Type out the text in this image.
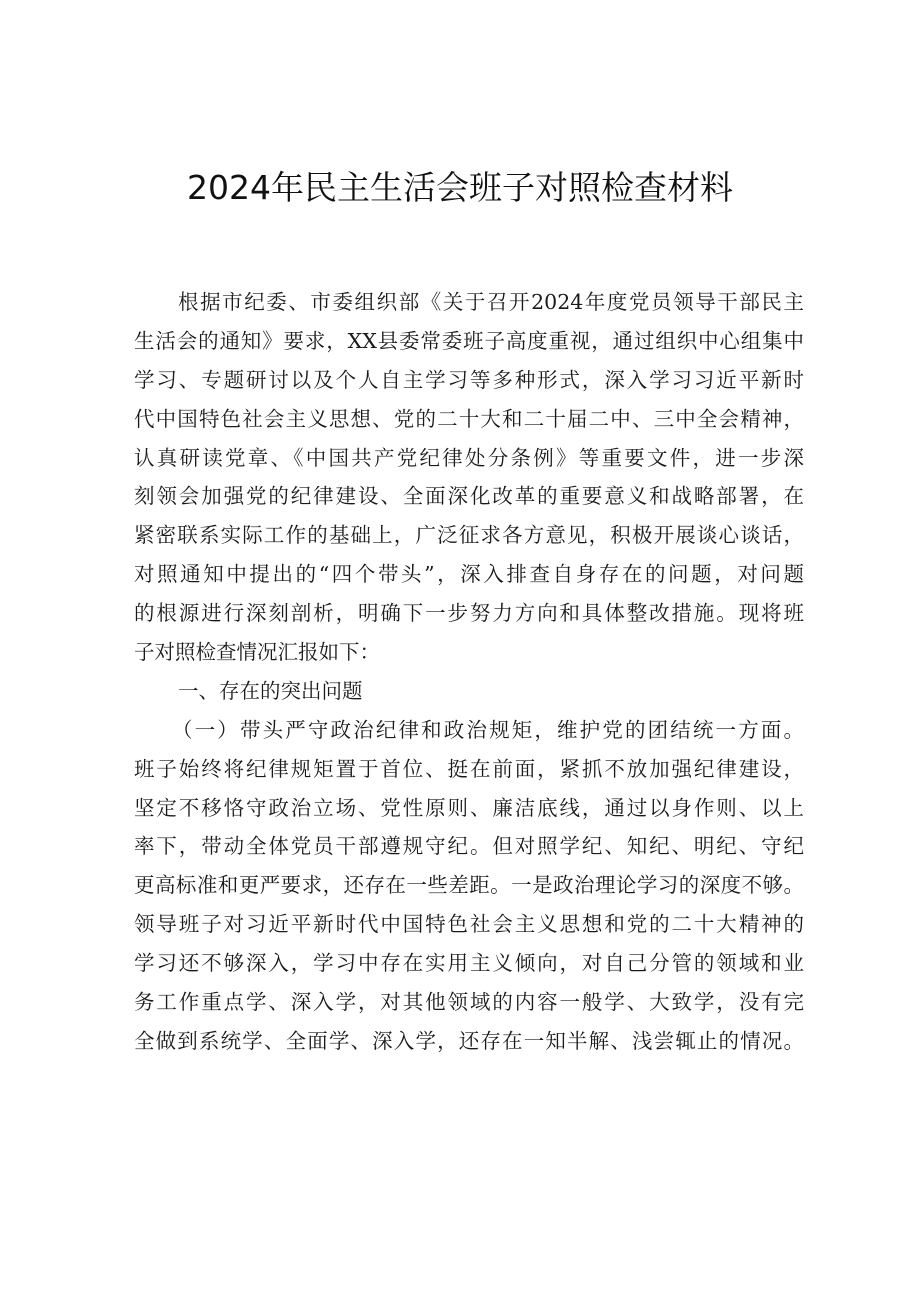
2024年民主生活会班子对照检查材料
根据市纪委、市委组织部《关于召开2024年度党员领导干部民主
生活会的通知》要求，XX县委常委班子高度重视，通过组织中心组集中
学习、专题研讨以及个人自主学习等多种形式，深入学习习近平新时
代中国特色社会主义思想、党的二十大和二十届二中、三中全会精神，
认真研读党章、《中国共产党纪律处分条例》等重要文件，进一步深
刻领会加强党的纪律建设、全面深化改革的重要意义和战略部署，在
紧密联系实际工作的基础上，广泛征求各方意见，积极开展谈心谈话，
对照通知中提出的“四个带头”，深入排查自身存在的问题，对问题
的根源进行深刻剖析，明确下一步努力方向和具体整改措施。现将班
子对照检查情况汇报如下：
一、存在的突出问题
（一）带头严守政治纪律和政治规矩，维护党的团结统一方面。
班子始终将纪律规矩置于首位、挺在前面，紧抓不放加强纪律建设，
坚定不移恪守政治立场、党性原则、廉洁底线，通过以身作则、以上
率下，带动全体党员干部遵规守纪。但对照学纪、知纪、明纪、守纪
更高标准和更严要求，还存在一些差距。一是政治理论学习的深度不够。
领导班子对习近平新时代中国特色社会主义思想和党的二十大精神的
学习还不够深入，学习中存在实用主义倾向，对自己分管的领域和业
务工作重点学、深入学，对其他领域的内容一般学、大致学，没有完
全做到系统学、全面学、深入学，还存在一知半解、浅尝辄止的情况。
